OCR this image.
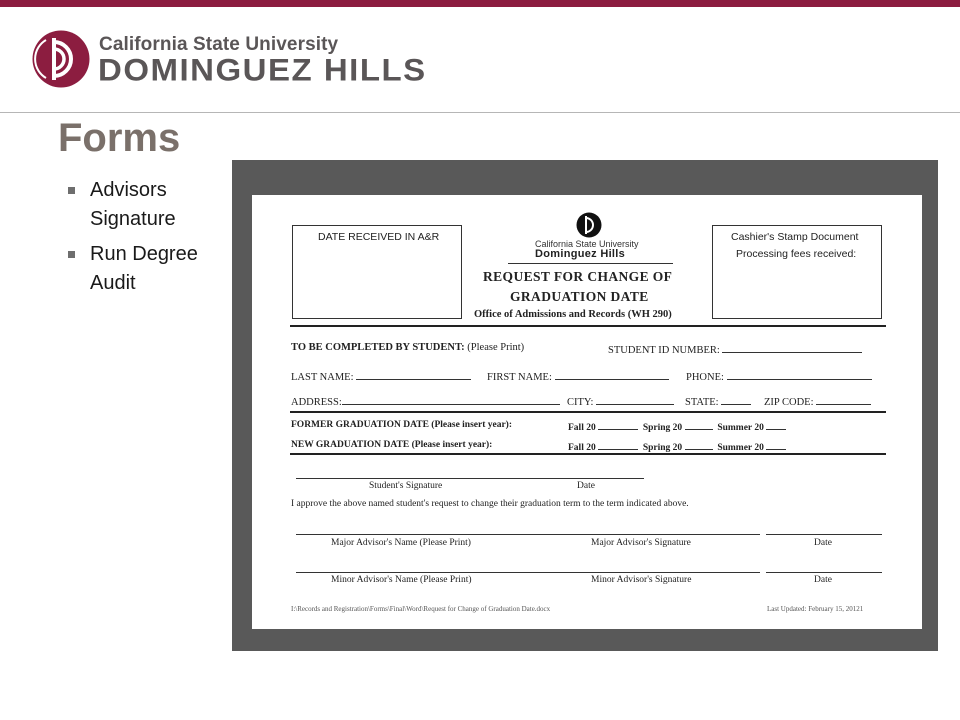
California State University
DOMINGUEZ HILLS
Forms
Advisors Signature
Run Degree
Audit
DATE RECEIVED IN A&R	Cashier's Stamp Document
Processing fees received:
California State University
Dominguez Hills
REQUEST FOR CHANGE OF
GRADUATION DATE
Office of Admissions and Records (WH 290)
TO BE COMPLETED BY STUDENT: (Please Print)	STUDENT ID NUMBER:
LAST NAME:	FIRST NAME:	PHONE:
ADDRESS:	CITY:	STATE:	ZIP CODE:
FORMER GRADUATION DATE (Please insert year):	Fall 20	Spring 20	Summer 20
NEW GRADUATION DATE (Please insert year):	Fall 20	Spring 20	Summer 20
Student's Signature	Date
I approve the above named student's request to change their graduation term to the term indicated above.
Major Advisor's Name (Please Print)	Major Advisor's Signature	Date
Minor Advisor's Name (Please Print)	Minor Advisor's Signature	Date
I:\Records and Registration\Forms\Final\Word\Request for Change of Graduation Date.docx	Last Updated: February 15, 20121
